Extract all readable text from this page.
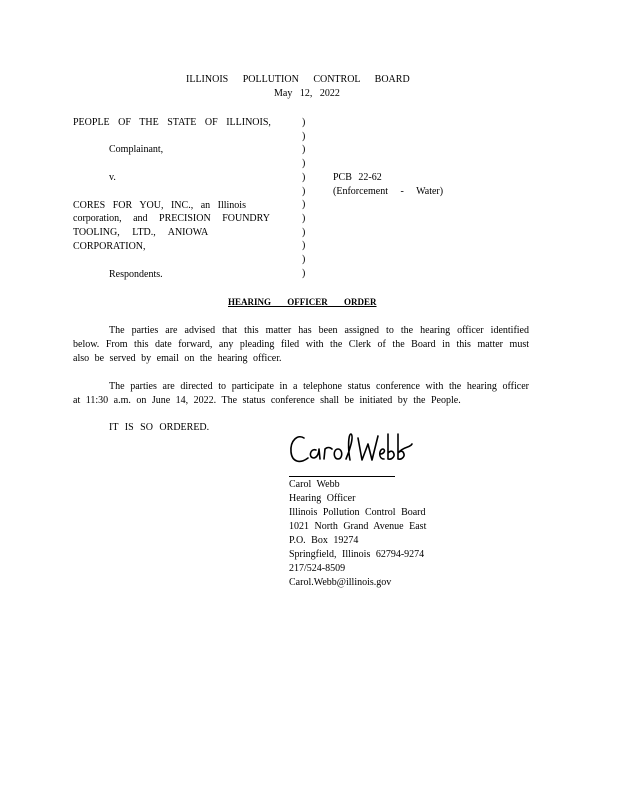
ILLINOIS POLLUTION CONTROL BOARD
May 12, 2022
PEOPLE OF THE STATE OF ILLINOIS,
Complainant,
v.
CORES FOR YOU, INC., an Illinois
corporation, and PRECISION FOUNDRY
TOOLING, LTD., ANIOWA
CORPORATION,
Respondents.
)
)
)
)
)
)
)
)
)
)
)
)
PCB 22-62
(Enforcement - Water)
HEARING OFFICER ORDER
The parties are advised that this matter has been assigned to the hearing officer identified below. From this date forward, any pleading filed with the Clerk of the Board in this matter must also be served by email on the hearing officer.
The parties are directed to participate in a telephone status conference with the hearing officer at 11:30 a.m. on June 14, 2022. The status conference shall be initiated by the People.
IT IS SO ORDERED.
Carol Webb
Hearing Officer
Illinois Pollution Control Board
1021 North Grand Avenue East
P.O. Box 19274
Springfield, Illinois 62794-9274
217/524-8509
Carol.Webb@illinois.gov
